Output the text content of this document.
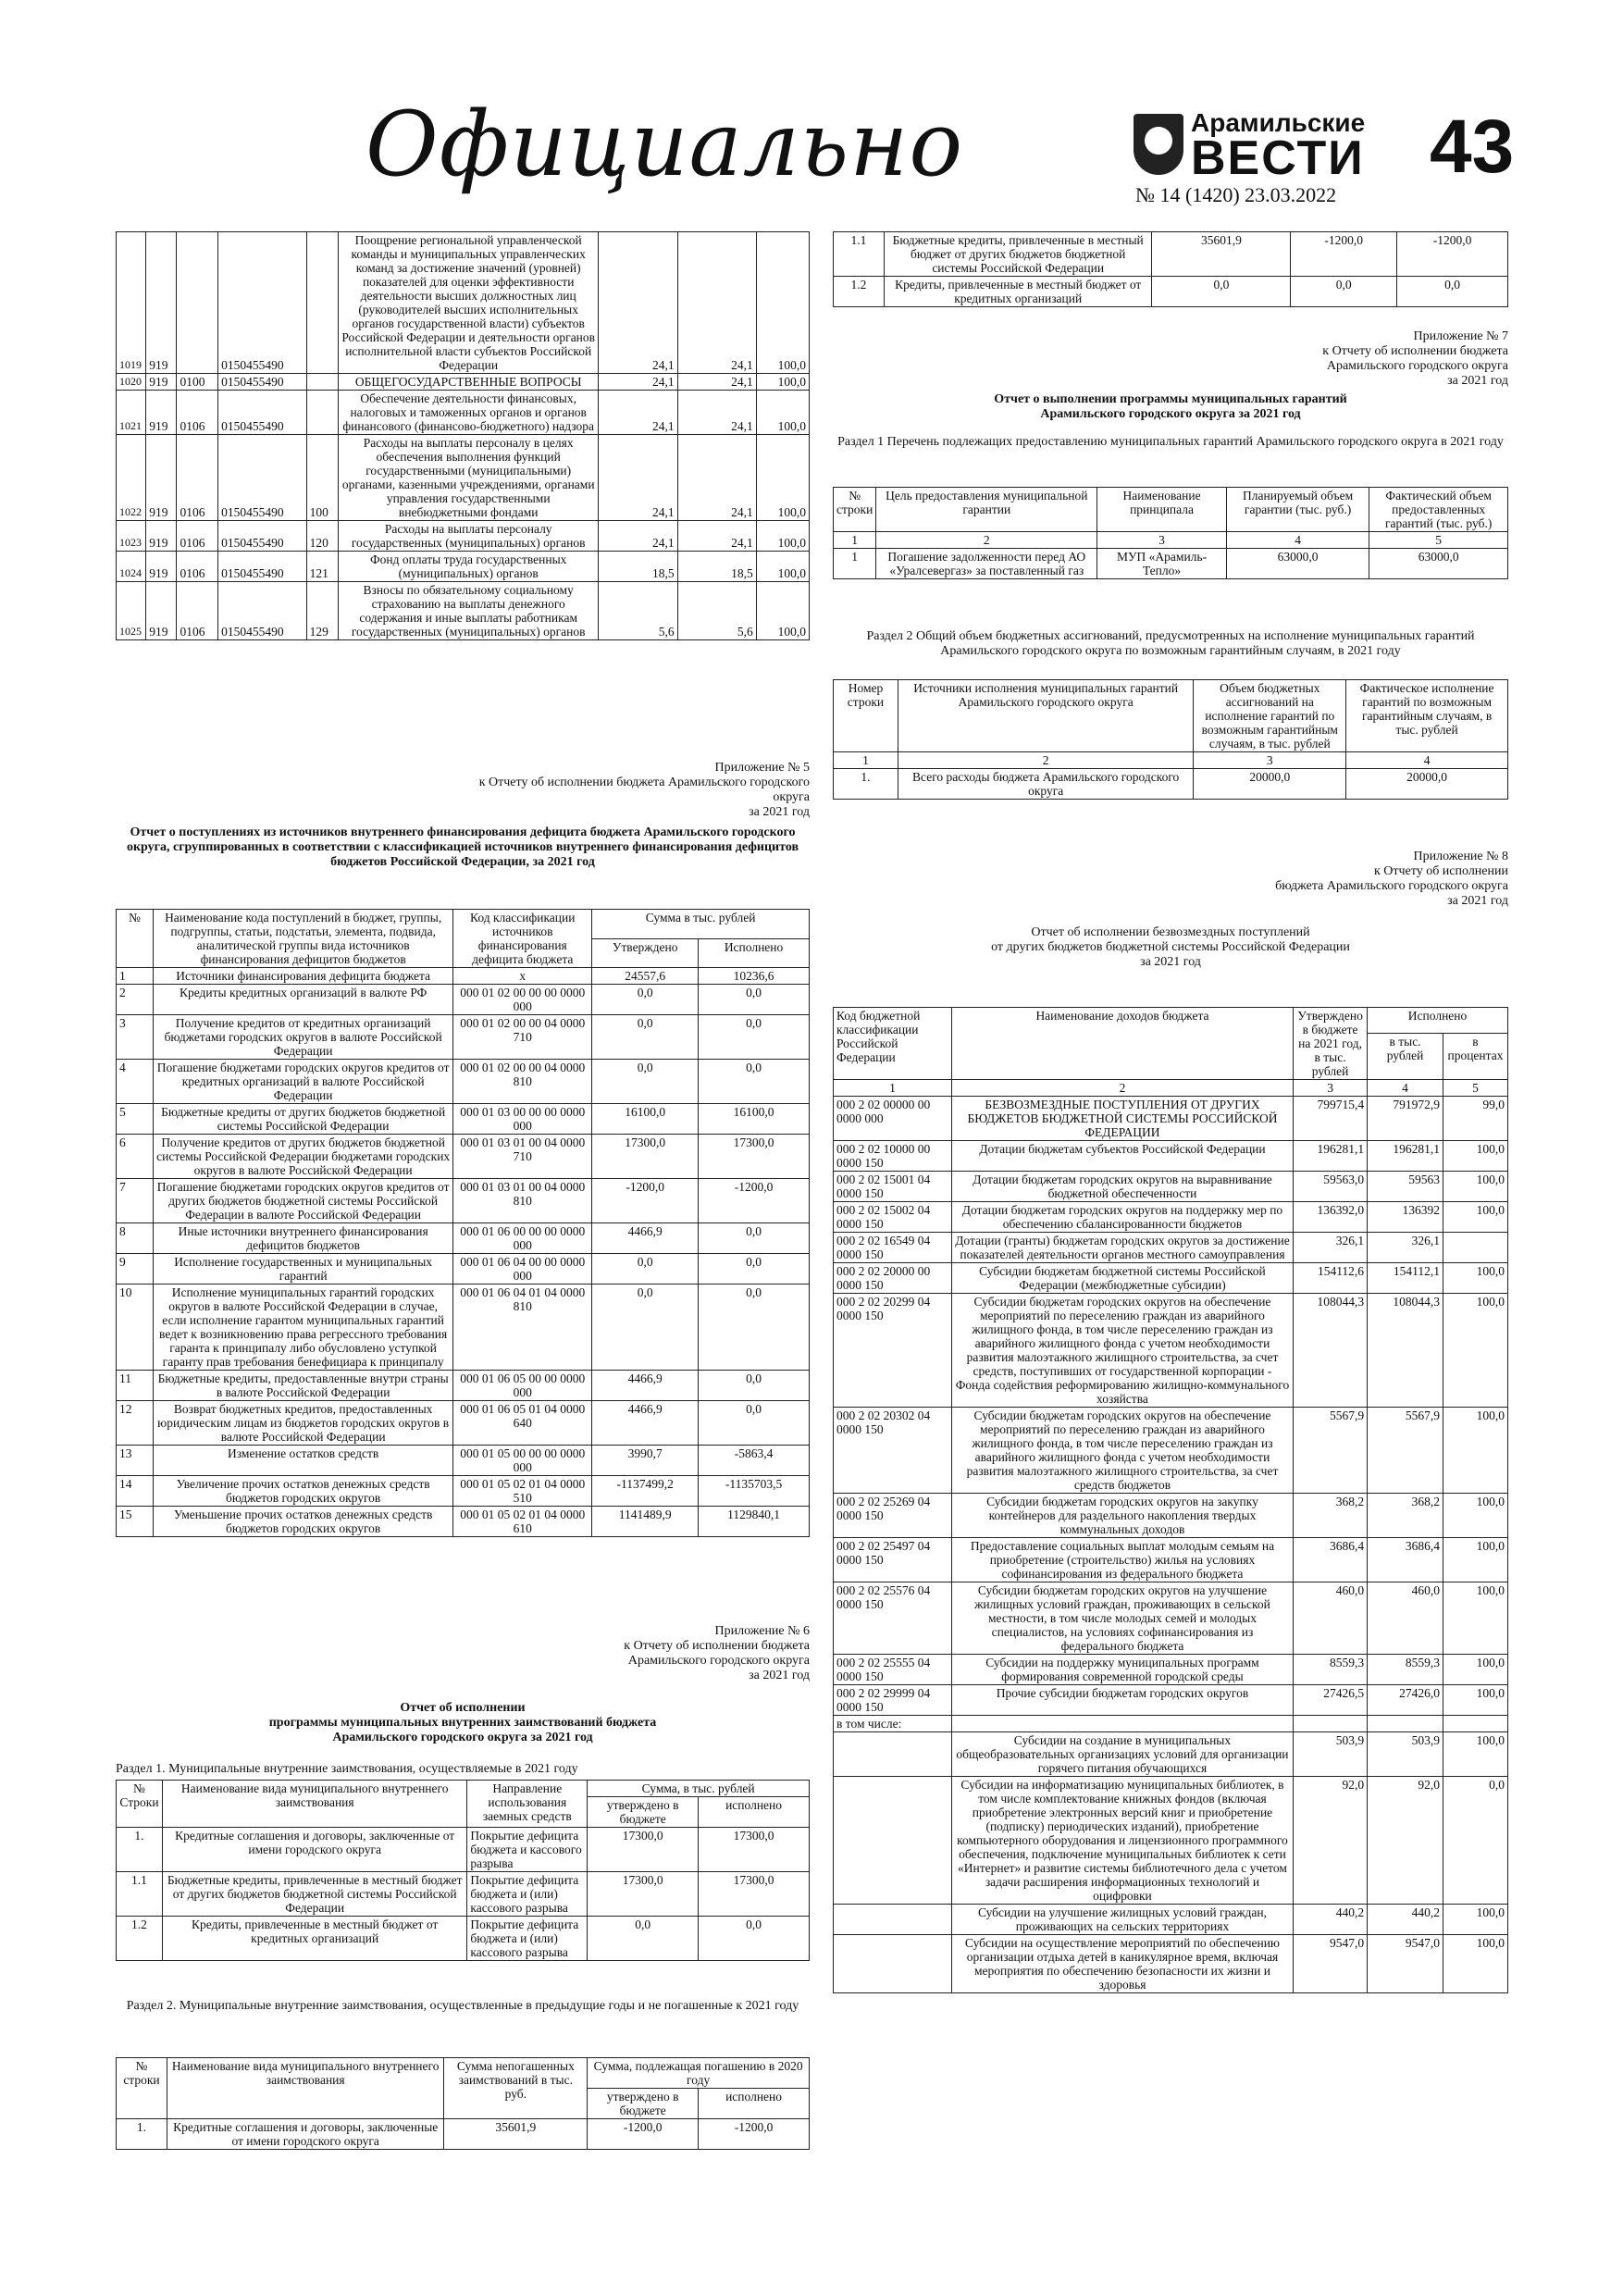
Официально	Арамильские
ВЕСТИ 43
№ 14 (1420) 23.03.2022
1019	919		0150455490		Поощрение региональной управленческой команды и муниципальных управленческих команд за достижение значений (уровней) показателей для оценки эффективности деятельности высших должностных лиц (руководителей высших исполнительных органов государственной власти) субъектов Российской Федерации и деятельности органов исполнительной власти субъектов Российской Федерации	24,1	24,1	100,0
1020	919	0100	0150455490		ОБЩЕГОСУДАРСТВЕННЫЕ ВОПРОСЫ	24,1	24,1	100,0
1021	919	0106	0150455490		Обеспечение деятельности финансовых, налоговых и таможенных органов и органов финансового (финансово-бюджетного) надзора	24,1	24,1	100,0
1022	919	0106	0150455490	100	Расходы на выплаты персоналу в целях обеспечения выполнения функций государственными (муниципальными) органами, казенными учреждениями, органами управления государственными внебюджетными фондами	24,1	24,1	100,0
1023	919	0106	0150455490	120	Расходы на выплаты персоналу государственных (муниципальных) органов	24,1	24,1	100,0
1024	919	0106	0150455490	121	Фонд оплаты труда государственных (муниципальных) органов	18,5	18,5	100,0
1025	919	0106	0150455490	129	Взносы по обязательному социальному страхованию на выплаты денежного содержания и иные выплаты работникам государственных (муниципальных) органов	5,6	5,6	100,0
Приложение № 5
к Отчету об исполнении бюджета Арамильского городского округа
за 2021 год
Отчет о поступлениях из источников внутреннего финансирования дефицита бюджета Арамильского городского округа, сгруппированных в соответствии с классификацией источников внутреннего финансирования дефицитов бюджетов Российской Федерации, за 2021 год
№	Наименование кода поступлений в бюджет, группы, подгруппы, статьи, подстатьи, элемента, подвида, аналитической группы вида источников финансирования дефицитов бюджетов	Код классификации источников финансирования дефицита бюджета	Сумма в тыс. рублей	
			Утверждено	Исполнено
1	Источники финансирования дефицита бюджета	x	24557,6	10236,6
2	Кредиты кредитных организаций в валюте РФ	000 01 02 00 00 00 0000 000	0,0	0,0
3	Получение кредитов от кредитных организаций бюджетами городских округов в валюте Российской Федерации	000 01 02 00 00 04 0000 710	0,0	0,0
4	Погашение бюджетами городских округов кредитов от кредитных организаций в валюте Российской Федерации	000 01 02 00 00 04 0000 810	0,0	0,0
5	Бюджетные кредиты от других бюджетов бюджетной системы Российской Федерации	000 01 03 00 00 00 0000 000	16100,0	16100,0
6	Получение кредитов от других бюджетов бюджетной системы Российской Федерации бюджетами городских округов в валюте Российской Федерации	000 01 03 01 00 04 0000 710	17300,0	17300,0
7	Погашение бюджетами городских округов кредитов от других бюджетов бюджетной системы Российской Федерации в валюте Российской Федерации	000 01 03 01 00 04 0000 810	-1200,0	-1200,0
8	Иные источники внутреннего финансирования дефицитов бюджетов	000 01 06 00 00 00 0000 000	4466,9	0,0
9	Исполнение государственных и муниципальных гарантий	000 01 06 04 00 00 0000 000	0,0	0,0
10	Исполнение муниципальных гарантий городских округов в валюте Российской Федерации в случае, если исполнение гарантом муниципальных гарантий ведет к возникновению права регрессного требования гаранта к принципалу либо обусловлено уступкой гаранту прав требования бенефициара к принципалу	000 01 06 04 01 04 0000 810	0,0	0,0
11	Бюджетные кредиты, предоставленные внутри страны в валюте Российской Федерации	000 01 06 05 00 00 0000 000	4466,9	0,0
12	Возврат бюджетных кредитов, предоставленных юридическим лицам из бюджетов городских округов в валюте Российской Федерации	000 01 06 05 01 04 0000 640	4466,9	0,0
13	Изменение остатков средств	000 01 05 00 00 00 0000 000	3990,7	-5863,4
14	Увеличение прочих остатков денежных средств бюджетов городских округов	000 01 05 02 01 04 0000 510	-1137499,2	-1135703,5
15	Уменьшение прочих остатков денежных средств бюджетов городских округов	000 01 05 02 01 04 0000 610	1141489,9	1129840,1
Приложение № 6
к Отчету об исполнении бюджета
Арамильского городского округа
за 2021 год
Отчет об исполнении
программы муниципальных внутренних заимствований бюджета
Арамильского городского округа за 2021 год
Раздел 1. Муниципальные внутренние заимствования, осуществляемые в 2021 году
№ Строки	Наименование вида муниципального внутреннего заимствования	Направление использования заемных средств	Сумма, в тыс. рублей	
			утверждено в бюджете	исполнено
1.	Кредитные соглашения и договоры, заключенные от имени городского округа	Покрытие дефицита бюджета и кассового разрыва	17300,0	17300,0
1.1	Бюджетные кредиты, привлеченные в местный бюджет от других бюджетов бюджетной системы Российской Федерации	Покрытие дефицита бюджета и (или) кассового разрыва	17300,0	17300,0
1.2	Кредиты, привлеченные в местный бюджет от кредитных организаций	Покрытие дефицита бюджета и (или) кассового разрыва	0,0	0,0
Раздел 2. Муниципальные внутренние заимствования, осуществленные в предыдущие годы и не погашенные к 2021 году
№ строки	Наименование вида муниципального внутреннего заимствования	Сумма непогашенных заимствований в тыс. руб.	Сумма, подлежащая погашению в 2020 году	
			утверждено в бюджете	исполнено
1.	Кредитные соглашения и договоры, заключенные от имени городского округа	35601,9	-1200,0	-1200,0
1.1	Бюджетные кредиты, привлеченные в местный бюджет от других бюджетов бюджетной системы Российской Федерации	35601,9	-1200,0	-1200,0
1.2	Кредиты, привлеченные в местный бюджет от кредитных организаций	0,0	0,0	0,0
Приложение № 7
к Отчету об исполнении бюджета
Арамильского городского округа
за 2021 год
Отчет о выполнении программы муниципальных гарантий
Арамильского городского округа за 2021 год
Раздел 1 Перечень подлежащих предоставлению муниципальных гарантий Арамильского городского округа в 2021 году
№ строки	Цель предоставления муниципальной гарантии	Наименование принципала	Планируемый объем гарантии (тыс. руб.)	Фактический объем предоставленных гарантий (тыс. руб.)
1	2	3	4	5
1	Погашение задолженности перед АО «Уралсевергаз» за поставленный газ	МУП «Арамиль-Тепло»	63000,0	63000,0
Раздел 2 Общий объем бюджетных ассигнований, предусмотренных на исполнение муниципальных гарантий Арамильского городского округа по возможным гарантийным случаям, в 2021 году
Номер строки	Источники исполнения муниципальных гарантий Арамильского городского округа	Объем бюджетных ассигнований на исполнение гарантий по возможным гарантийным случаям, в тыс. рублей	Фактическое исполнение гарантий по возможным гарантийным случаям, в тыс. рублей
1	2	3	4
1.	Всего расходы бюджета Арамильского городского округа	20000,0	20000,0
Приложение № 8
к Отчету об исполнении
бюджета Арамильского городского округа
за 2021 год
Отчет об исполнении безвозмездных поступлений
от других бюджетов бюджетной системы Российской Федерации
за 2021 год
Код бюджетной классификации Российской Федерации	Наименование доходов бюджета	Утверждено в бюджете на 2021 год, в тыс. рублей	Исполнено	
			в тыс. рублей	в процентах
1	2	3	4	5
000 2 02 00000 00 0000 000	БЕЗВОЗМЕЗДНЫЕ ПОСТУПЛЕНИЯ ОТ ДРУГИХ БЮДЖЕТОВ БЮДЖЕТНОЙ СИСТЕМЫ РОССИЙСКОЙ ФЕДЕРАЦИИ	799715,4	791972,9	99,0
000 2 02 10000 00 0000 150	Дотации бюджетам субъектов Российской Федерации	196281,1	196281,1	100,0
000 2 02 15001 04 0000 150	Дотации бюджетам городских округов на выравнивание бюджетной обеспеченности	59563,0	59563	100,0
000 2 02 15002 04 0000 150	Дотации бюджетам городских округов на поддержку мер по обеспечению сбалансированности бюджетов	136392,0	136392	100,0
000 2 02 16549 04 0000 150	Дотации (гранты) бюджетам городских округов за достижение показателей деятельности органов местного самоуправления	326,1	326,1	
000 2 02 20000 00 0000 150	Субсидии бюджетам бюджетной системы Российской Федерации (межбюджетные субсидии)	154112,6	154112,1	100,0
000 2 02 20299 04 0000 150	Субсидии бюджетам городских округов на обеспечение мероприятий по переселению граждан из аварийного жилищного фонда, в том числе переселению граждан из аварийного жилищного фонда с учетом необходимости развития малоэтажного жилищного строительства, за счет средств, поступивших от государственной корпорации - Фонда содействия реформированию жилищно-коммунального хозяйства	108044,3	108044,3	100,0
000 2 02 20302 04 0000 150	Субсидии бюджетам городских округов на обеспечение мероприятий по переселению граждан из аварийного жилищного фонда, в том числе переселению граждан из аварийного жилищного фонда с учетом необходимости развития малоэтажного жилищного строительства, за счет средств бюджетов	5567,9	5567,9	100,0
000 2 02 25269 04 0000 150	Субсидии бюджетам городских округов на закупку контейнеров для раздельного накопления твердых коммунальных доходов	368,2	368,2	100,0
000 2 02 25497 04 0000 150	Предоставление социальных выплат молодым семьям на приобретение (строительство) жилья на условиях софинансирования из федерального бюджета	3686,4	3686,4	100,0
000 2 02 25576 04 0000 150	Субсидии бюджетам городских округов на улучшение жилищных условий граждан, проживающих в сельской местности, в том числе молодых семей и молодых специалистов, на условиях софинансирования из федерального бюджета	460,0	460,0	100,0
000 2 02 25555 04 0000 150	Субсидии на поддержку муниципальных программ формирования современной городской среды	8559,3	8559,3	100,0
000 2 02 29999 04 0000 150	Прочие субсидии бюджетам городских округов	27426,5	27426,0	100,0
в том числе:				
	Субсидии на создание в муниципальных общеобразовательных организациях условий для организации горячего питания обучающихся	503,9	503,9	100,0
	Субсидии на информатизацию муниципальных библиотек, в том числе комплектование книжных фондов (включая приобретение электронных версий книг и приобретение (подписку) периодических изданий), приобретение компьютерного оборудования и лицензионного программного обеспечения, подключение муниципальных библиотек к сети «Интернет» и развитие системы библиотечного дела с учетом задачи расширения информационных технологий и оцифровки	92,0	92,0	0,0
	Субсидии на улучшение жилищных условий граждан, проживающих на сельских территориях	440,2	440,2	100,0
	Субсидии на осуществление мероприятий по обеспечению организации отдыха детей в каникулярное время, включая мероприятия по обеспечению безопасности их жизни и здоровья	9547,0	9547,0	100,0
